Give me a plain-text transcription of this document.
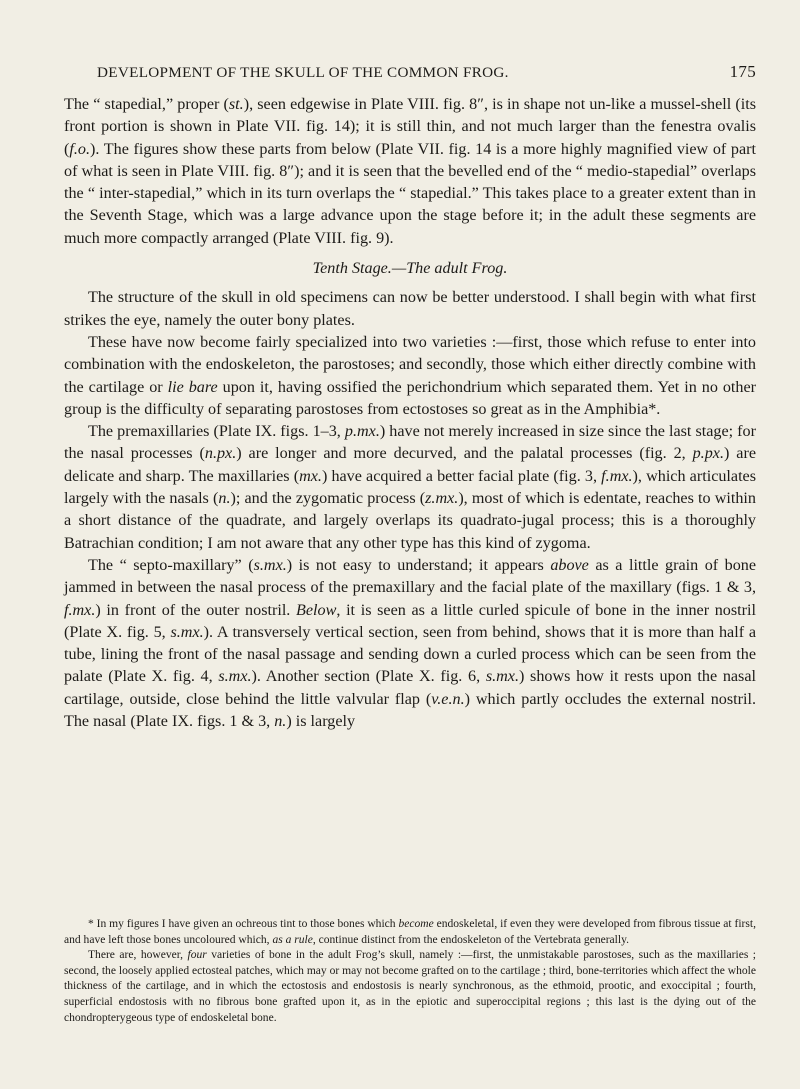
DEVELOPMENT OF THE SKULL OF THE COMMON FROG.	175

The “ stapedial,” proper (st.), seen edgewise in Plate VIII. fig. 8″, is in shape not un-like a mussel-shell (its front portion is shown in Plate VII. fig. 14); it is still thin, and not much larger than the fenestra ovalis (f.o.). The figures show these parts from below (Plate VII. fig. 14 is a more highly magnified view of part of what is seen in Plate VIII. fig. 8″); and it is seen that the bevelled end of the “ medio-stapedial” overlaps the “ inter-stapedial,” which in its turn overlaps the “ stapedial.” This takes place to a greater extent than in the Seventh Stage, which was a large advance upon the stage before it; in the adult these segments are much more compactly arranged (Plate VIII. fig. 9).

Tenth Stage.—The adult Frog.

The structure of the skull in old specimens can now be better understood. I shall begin with what first strikes the eye, namely the outer bony plates.

These have now become fairly specialized into two varieties :—first, those which refuse to enter into combination with the endoskeleton, the parostoses; and secondly, those which either directly combine with the cartilage or lie bare upon it, having ossified the perichondrium which separated them. Yet in no other group is the difficulty of separating parostoses from ectostoses so great as in the Amphibia*.

The premaxillaries (Plate IX. figs. 1–3, p.mx.) have not merely increased in size since the last stage; for the nasal processes (n.px.) are longer and more decurved, and the palatal processes (fig. 2, p.px.) are delicate and sharp. The maxillaries (mx.) have acquired a better facial plate (fig. 3, f.mx.), which articulates largely with the nasals (n.); and the zygomatic process (z.mx.), most of which is edentate, reaches to within a short distance of the quadrate, and largely overlaps its quadrato-jugal process; this is a thoroughly Batrachian condition; I am not aware that any other type has this kind of zygoma.

The “ septo-maxillary” (s.mx.) is not easy to understand; it appears above as a little grain of bone jammed in between the nasal process of the premaxillary and the facial plate of the maxillary (figs. 1 & 3, f.mx.) in front of the outer nostril. Below, it is seen as a little curled spicule of bone in the inner nostril (Plate X. fig. 5, s.mx.). A transversely vertical section, seen from behind, shows that it is more than half a tube, lining the front of the nasal passage and sending down a curled process which can be seen from the palate (Plate X. fig. 4, s.mx.). Another section (Plate X. fig. 6, s.mx.) shows how it rests upon the nasal cartilage, outside, close behind the little valvular flap (v.e.n.) which partly occludes the external nostril. The nasal (Plate IX. figs. 1 & 3, n.) is largely

* In my figures I have given an ochreous tint to those bones which become endoskeletal, if even they were developed from fibrous tissue at first, and have left those bones uncoloured which, as a rule, continue distinct from the endoskeleton of the Vertebrata generally.

There are, however, four varieties of bone in the adult Frog’s skull, namely :—first, the unmistakable parostoses, such as the maxillaries ; second, the loosely applied ectosteal patches, which may or may not become grafted on to the cartilage ; third, bone-territories which affect the whole thickness of the cartilage, and in which the ectostosis and endostosis is nearly synchronous, as the ethmoid, prootic, and exoccipital ; fourth, superficial endostosis with no fibrous bone grafted upon it, as in the epiotic and superoccipital regions ; this last is the dying out of the chondropterygeous type of endoskeletal bone.
